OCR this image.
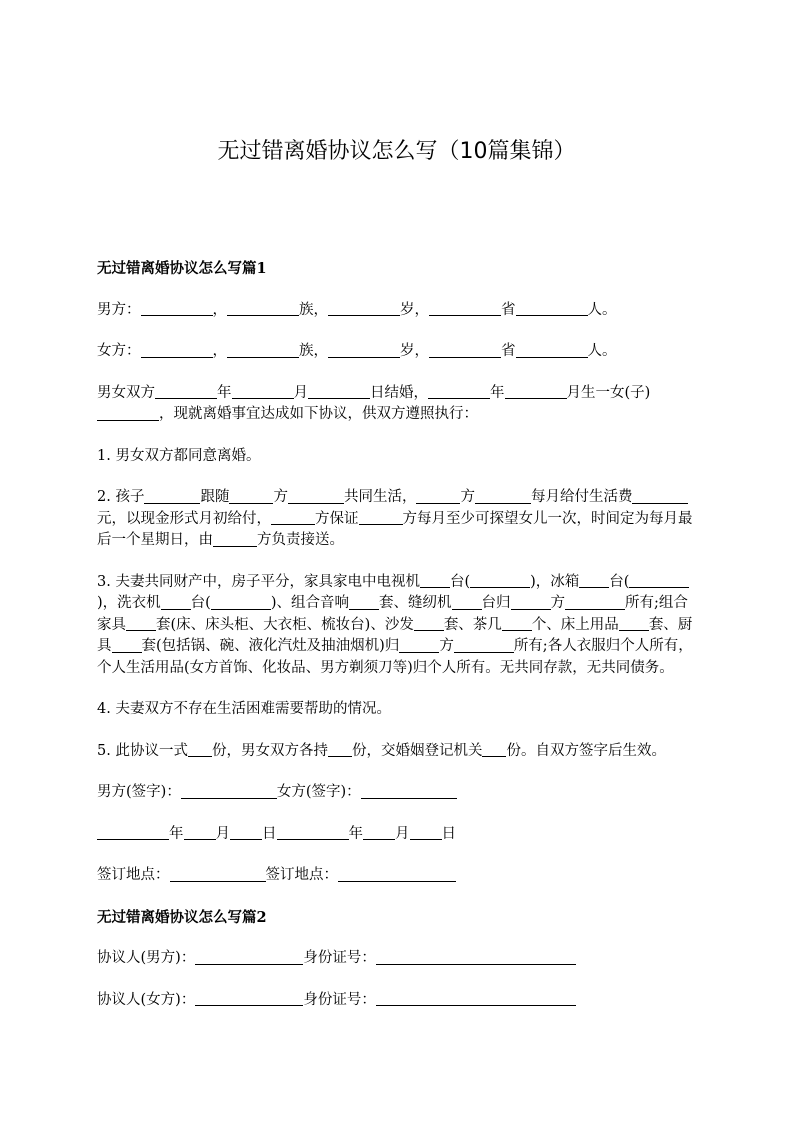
无过错离婚协议怎么写（10篇集锦）

无过错离婚协议怎么写篇1

男方：	，	族，	岁，	省	人。

女方：	，	族，	岁，	省	人。

男女双方	年	月	日结婚，	年	月生一女(子)，现就离婚事宜达成如下协议，供双方遵照执行：

1. 男女双方都同意离婚。

2. 孩子	跟随	方	共同生活，	方	每月给付生活费元，以现金形式月初给付，	方保证	方每月至少可探望女儿一次，时间定为每月最后一个星期日，由	方负责接送。

3. 夫妻共同财产中，房子平分，家具家电中电视机 台(	)，冰箱 台()，洗衣机 台(	)、组合音响 套、缝纫机 台归	方	所有;组合家具 套(床、床头柜、大衣柜、梳妆台)、沙发 套、茶几 个、床上用品 套、厨具 套(包括锅、碗、液化汽灶及抽油烟机)归	方	所有;各人衣服归个人所有，个人生活用品(女方首饰、化妆品、男方剃须刀等)归个人所有。无共同存款，无共同债务。

4. 夫妻双方不存在生活困难需要帮助的情况。

5. 此协议一式 份，男女双方各持 份，交婚姻登记机关 份。自双方签字后生效。

男方(签字)：	女方(签字)：

年 月 日	年 月 日

签订地点：	签订地点：

无过错离婚协议怎么写篇2

协议人(男方)：	身份证号：

协议人(女方)：	身份证号：
